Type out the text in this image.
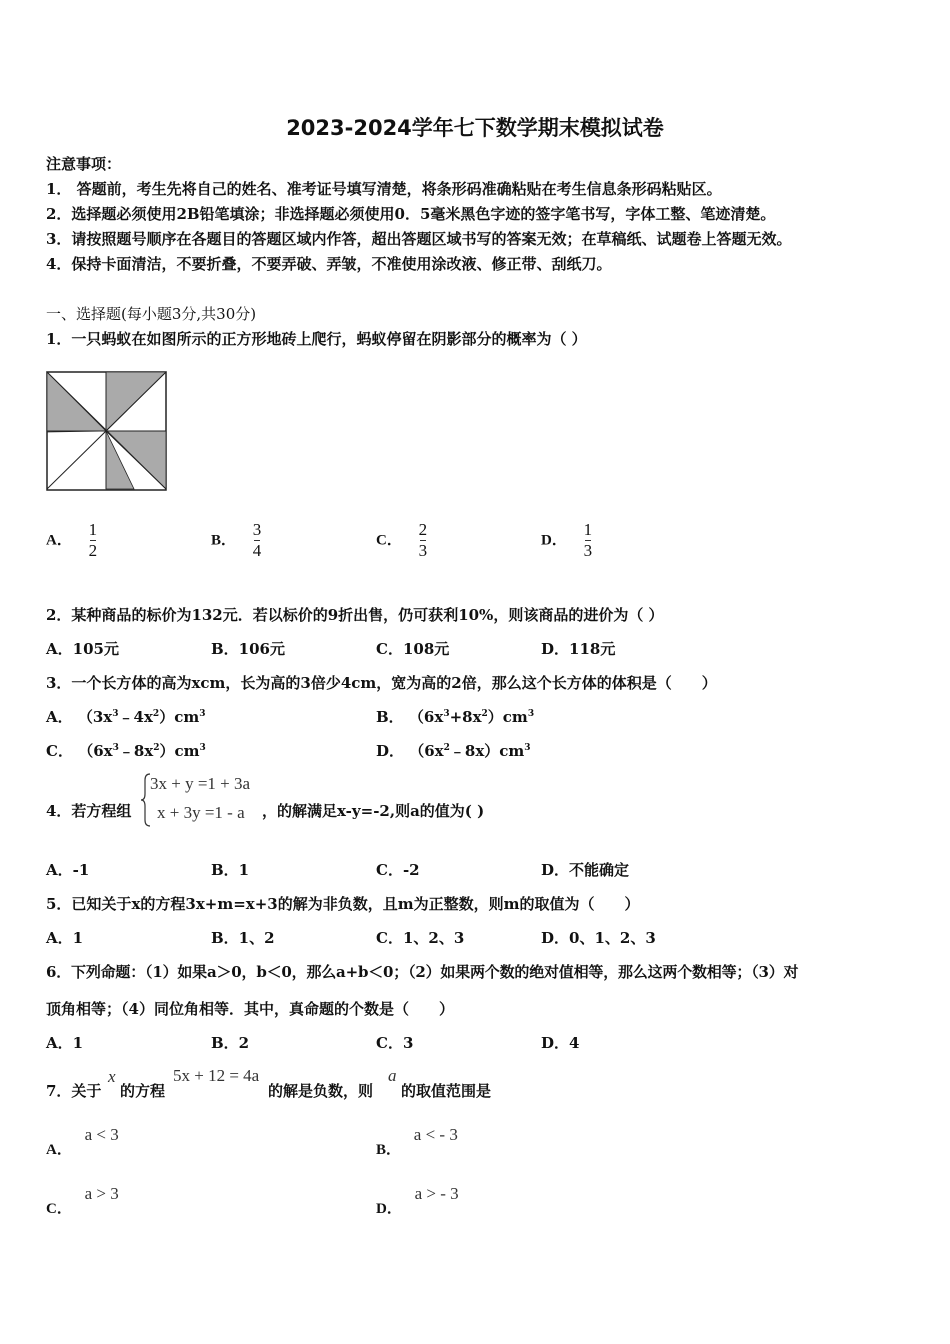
2023-2024学年七下数学期末模拟试卷
注意事项：
1． 答题前，考生先将自己的姓名、准考证号填写清楚，将条形码准确粘贴在考生信息条形码粘贴区。
2．选择题必须使用2B铅笔填涂；非选择题必须使用0．5毫米黑色字迹的签字笔书写，字体工整、笔迹清楚。
3．请按照题号顺序在各题目的答题区域内作答，超出答题区域书写的答案无效；在草稿纸、试题卷上答题无效。
4．保持卡面清洁，不要折叠，不要弄破、弄皱，不准使用涂改液、修正带、刮纸刀。
一、选择题(每小题3分,共30分)
1．一只蚂蚁在如图所示的正方形地砖上爬行，蚂蚁停留在阴影部分的概率为（ ）
A． $\frac{1}{2}$	B． $\frac{3}{4}$	C． $\frac{2}{3}$	D． $\frac{1}{3}$
2．某种商品的标价为132元．若以标价的9折出售，仍可获利10%，则该商品的进价为（ ）
A．105元	B．106元	C．108元	D．118元
3．一个长方体的高为xcm，长为高的3倍少4cm，宽为高的2倍，那么这个长方体的体积是（　　）
A． $(3x^3﹣4x^2)cm^3$	B． $(6x^3+8x^2)cm^3$
C． $(6x^3﹣8x^2)cm^3$	D． $(6x^2﹣8x)cm^3$
4．若方程组
3x + y =1 + 3a
x + 3y =1 - a ，的解满足x-y=-2,则a的值为( )
A．-1	B．1	C．-2	D．不能确定
5．已知关于x的方程3x+m=x+3的解为非负数，且m为正整数，则m的取值为（　　）
A．1	B．1、2	C．1、2、3	D．0、1、2、3
6．下列命题：（1）如果a＞0，b＜0，那么a+b＜0；（2）如果两个数的绝对值相等，那么这两个数相等；（3）对
顶角相等；（4）同位角相等．其中，真命题的个数是（　　）
A．1	B．2	C．3	D．4
7．关于
x
的方程
5x + 12 = 4a
的解是负数，则
a
的取值范围是
A． a < 3
B． a < - 3
C． a > 3
D． a > - 3
